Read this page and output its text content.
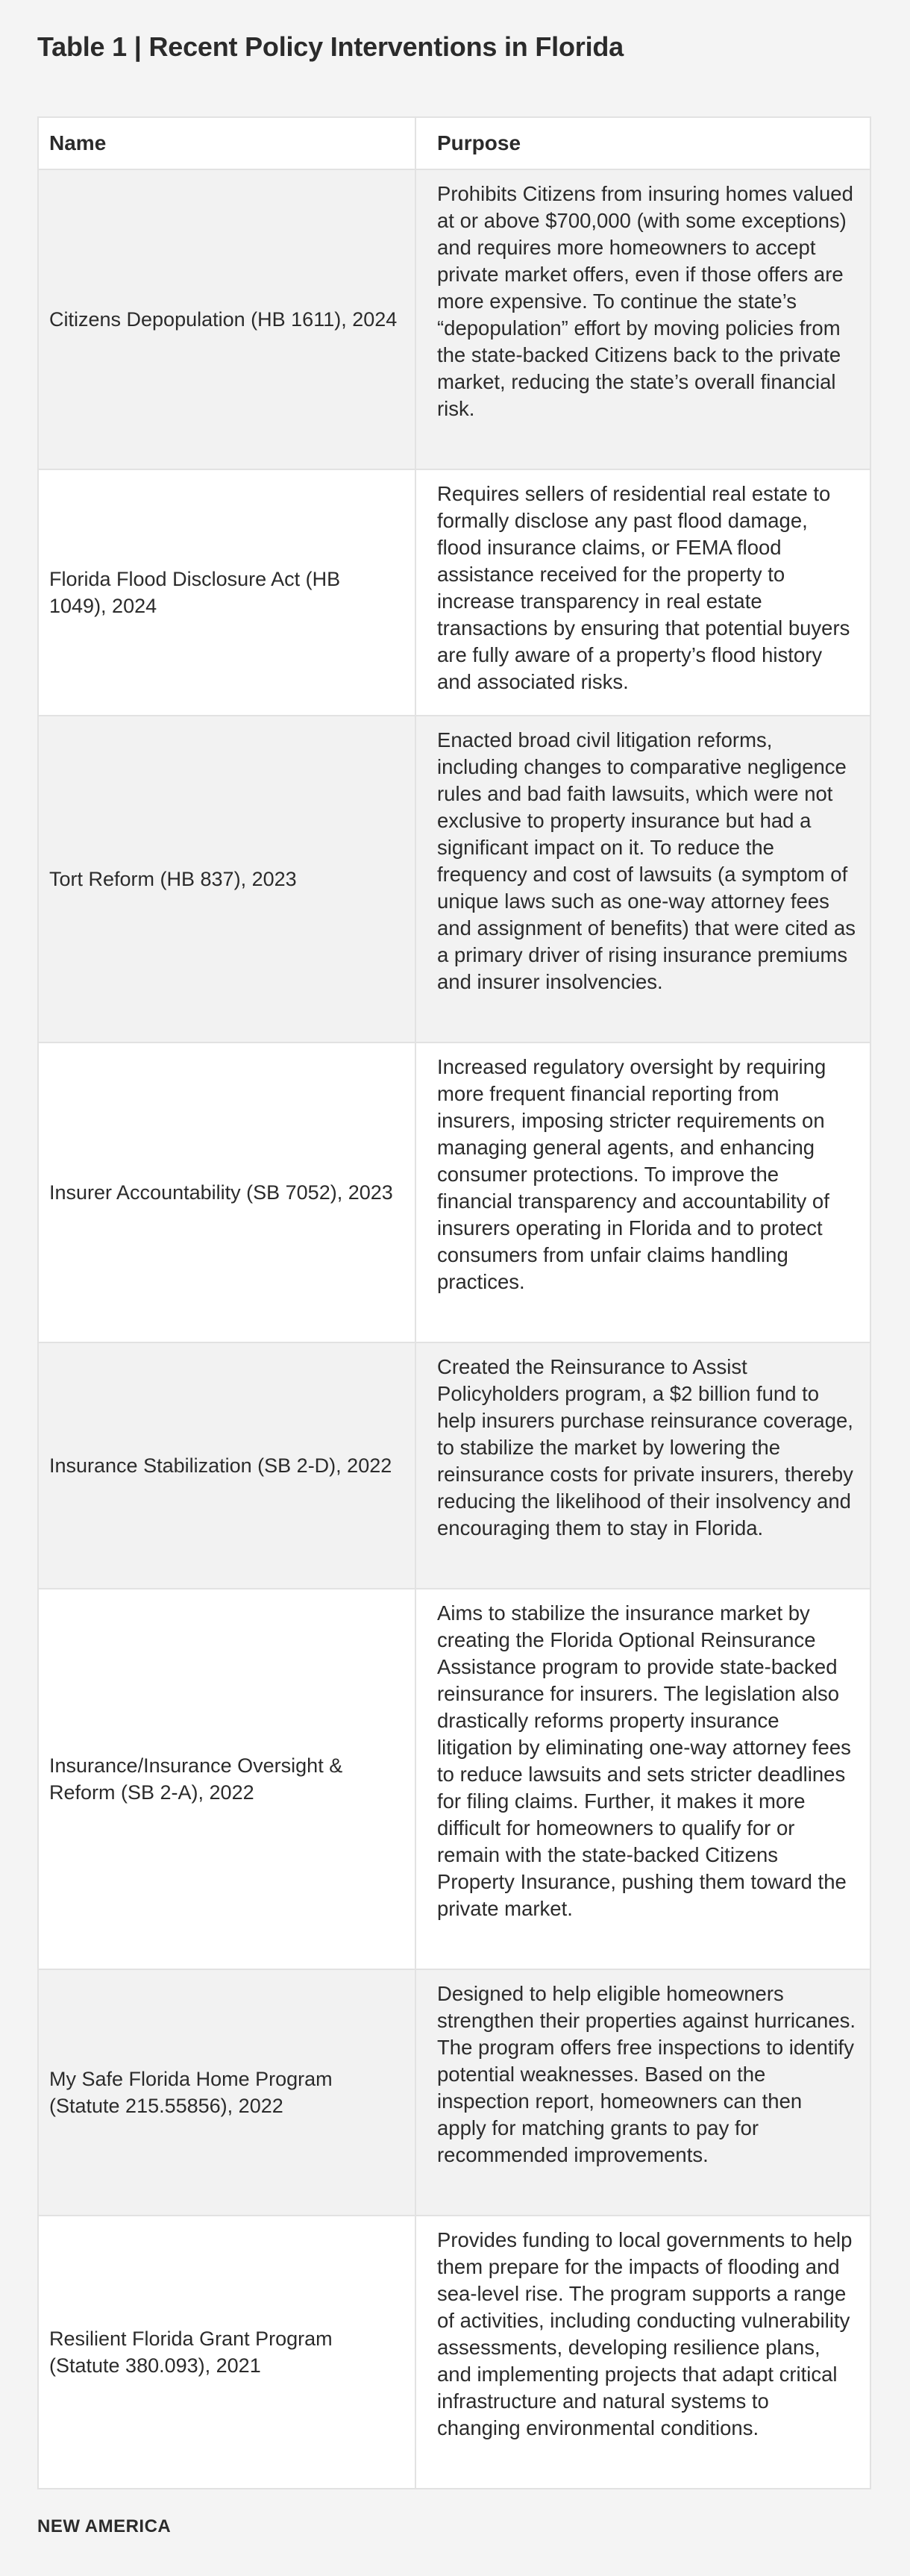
Table 1 | Recent Policy Interventions in Florida
Name	Purpose
Citizens Depopulation (HB 1611), 2024
Prohibits Citizens from insuring homes valued at or above $700,000 (with some exceptions) and requires more homeowners to accept private market offers, even if those offers are more expensive. To continue the state’s “depopulation” effort by moving policies from the state-backed Citizens back to the private market, reducing the state’s overall financial risk.
Florida Flood Disclosure Act (HB 1049), 2024
Requires sellers of residential real estate to formally disclose any past flood damage, flood insurance claims, or FEMA flood assistance received for the property to increase transparency in real estate transactions by ensuring that potential buyers are fully aware of a property’s flood history and associated risks.
Tort Reform (HB 837), 2023
Enacted broad civil litigation reforms, including changes to comparative negligence rules and bad faith lawsuits, which were not exclusive to property insurance but had a significant impact on it. To reduce the frequency and cost of lawsuits (a symptom of unique laws such as one-way attorney fees and assignment of benefits) that were cited as a primary driver of rising insurance premiums and insurer insolvencies.
Insurer Accountability (SB 7052), 2023
Increased regulatory oversight by requiring more frequent financial reporting from insurers, imposing stricter requirements on managing general agents, and enhancing consumer protections. To improve the financial transparency and accountability of insurers operating in Florida and to protect consumers from unfair claims handling practices.
Insurance Stabilization (SB 2-D), 2022
Created the Reinsurance to Assist Policyholders program, a $2 billion fund to help insurers purchase reinsurance coverage, to stabilize the market by lowering the reinsurance costs for private insurers, thereby reducing the likelihood of their insolvency and encouraging them to stay in Florida.
Insurance/Insurance Oversight & Reform (SB 2-A), 2022
Aims to stabilize the insurance market by creating the Florida Optional Reinsurance Assistance program to provide state-backed reinsurance for insurers. The legislation also drastically reforms property insurance litigation by eliminating one-way attorney fees to reduce lawsuits and sets stricter deadlines for filing claims. Further, it makes it more difficult for homeowners to qualify for or remain with the state-backed Citizens Property Insurance, pushing them toward the private market.
My Safe Florida Home Program (Statute 215.55856), 2022
Designed to help eligible homeowners strengthen their properties against hurricanes. The program offers free inspections to identify potential weaknesses. Based on the inspection report, homeowners can then apply for matching grants to pay for recommended improvements.
Resilient Florida Grant Program (Statute 380.093), 2021
Provides funding to local governments to help them prepare for the impacts of flooding and sea-level rise. The program supports a range of activities, including conducting vulnerability assessments, developing resilience plans, and implementing projects that adapt critical infrastructure and natural systems to changing environmental conditions.
NEW AMERICA
